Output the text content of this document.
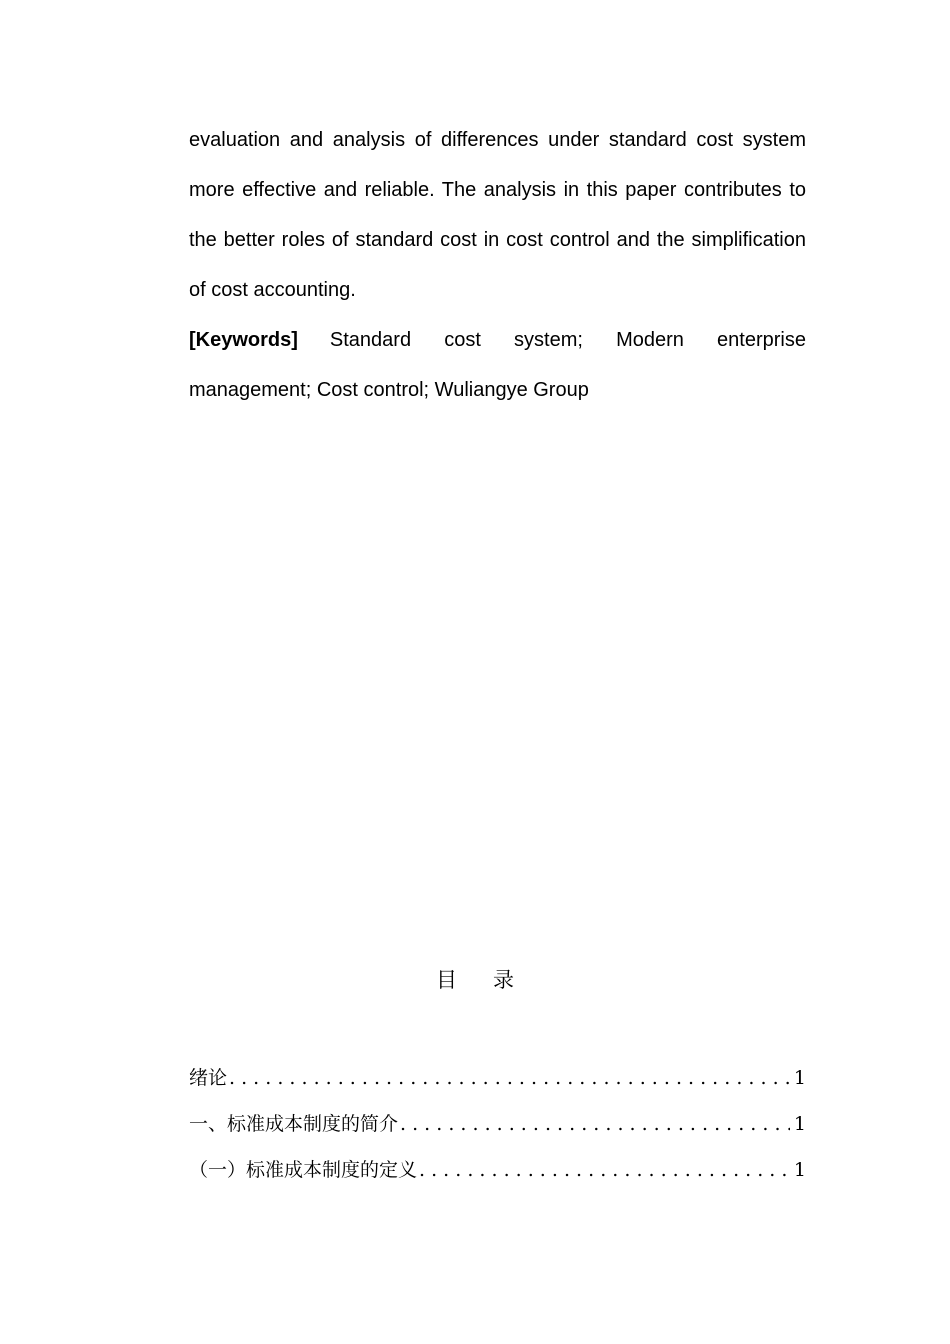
evaluation and analysis of differences under standard cost system more effective and reliable. The analysis in this paper contributes to the better roles of standard cost in cost control and the simplification of cost accounting.

[Keywords] Standard cost system; Modern enterprise management; Cost control; Wuliangye Group

目录
绪论 . . .	1
一、标准成本制度的简介 . . .	1
（一）标准成本制度的定义 . . .	1
